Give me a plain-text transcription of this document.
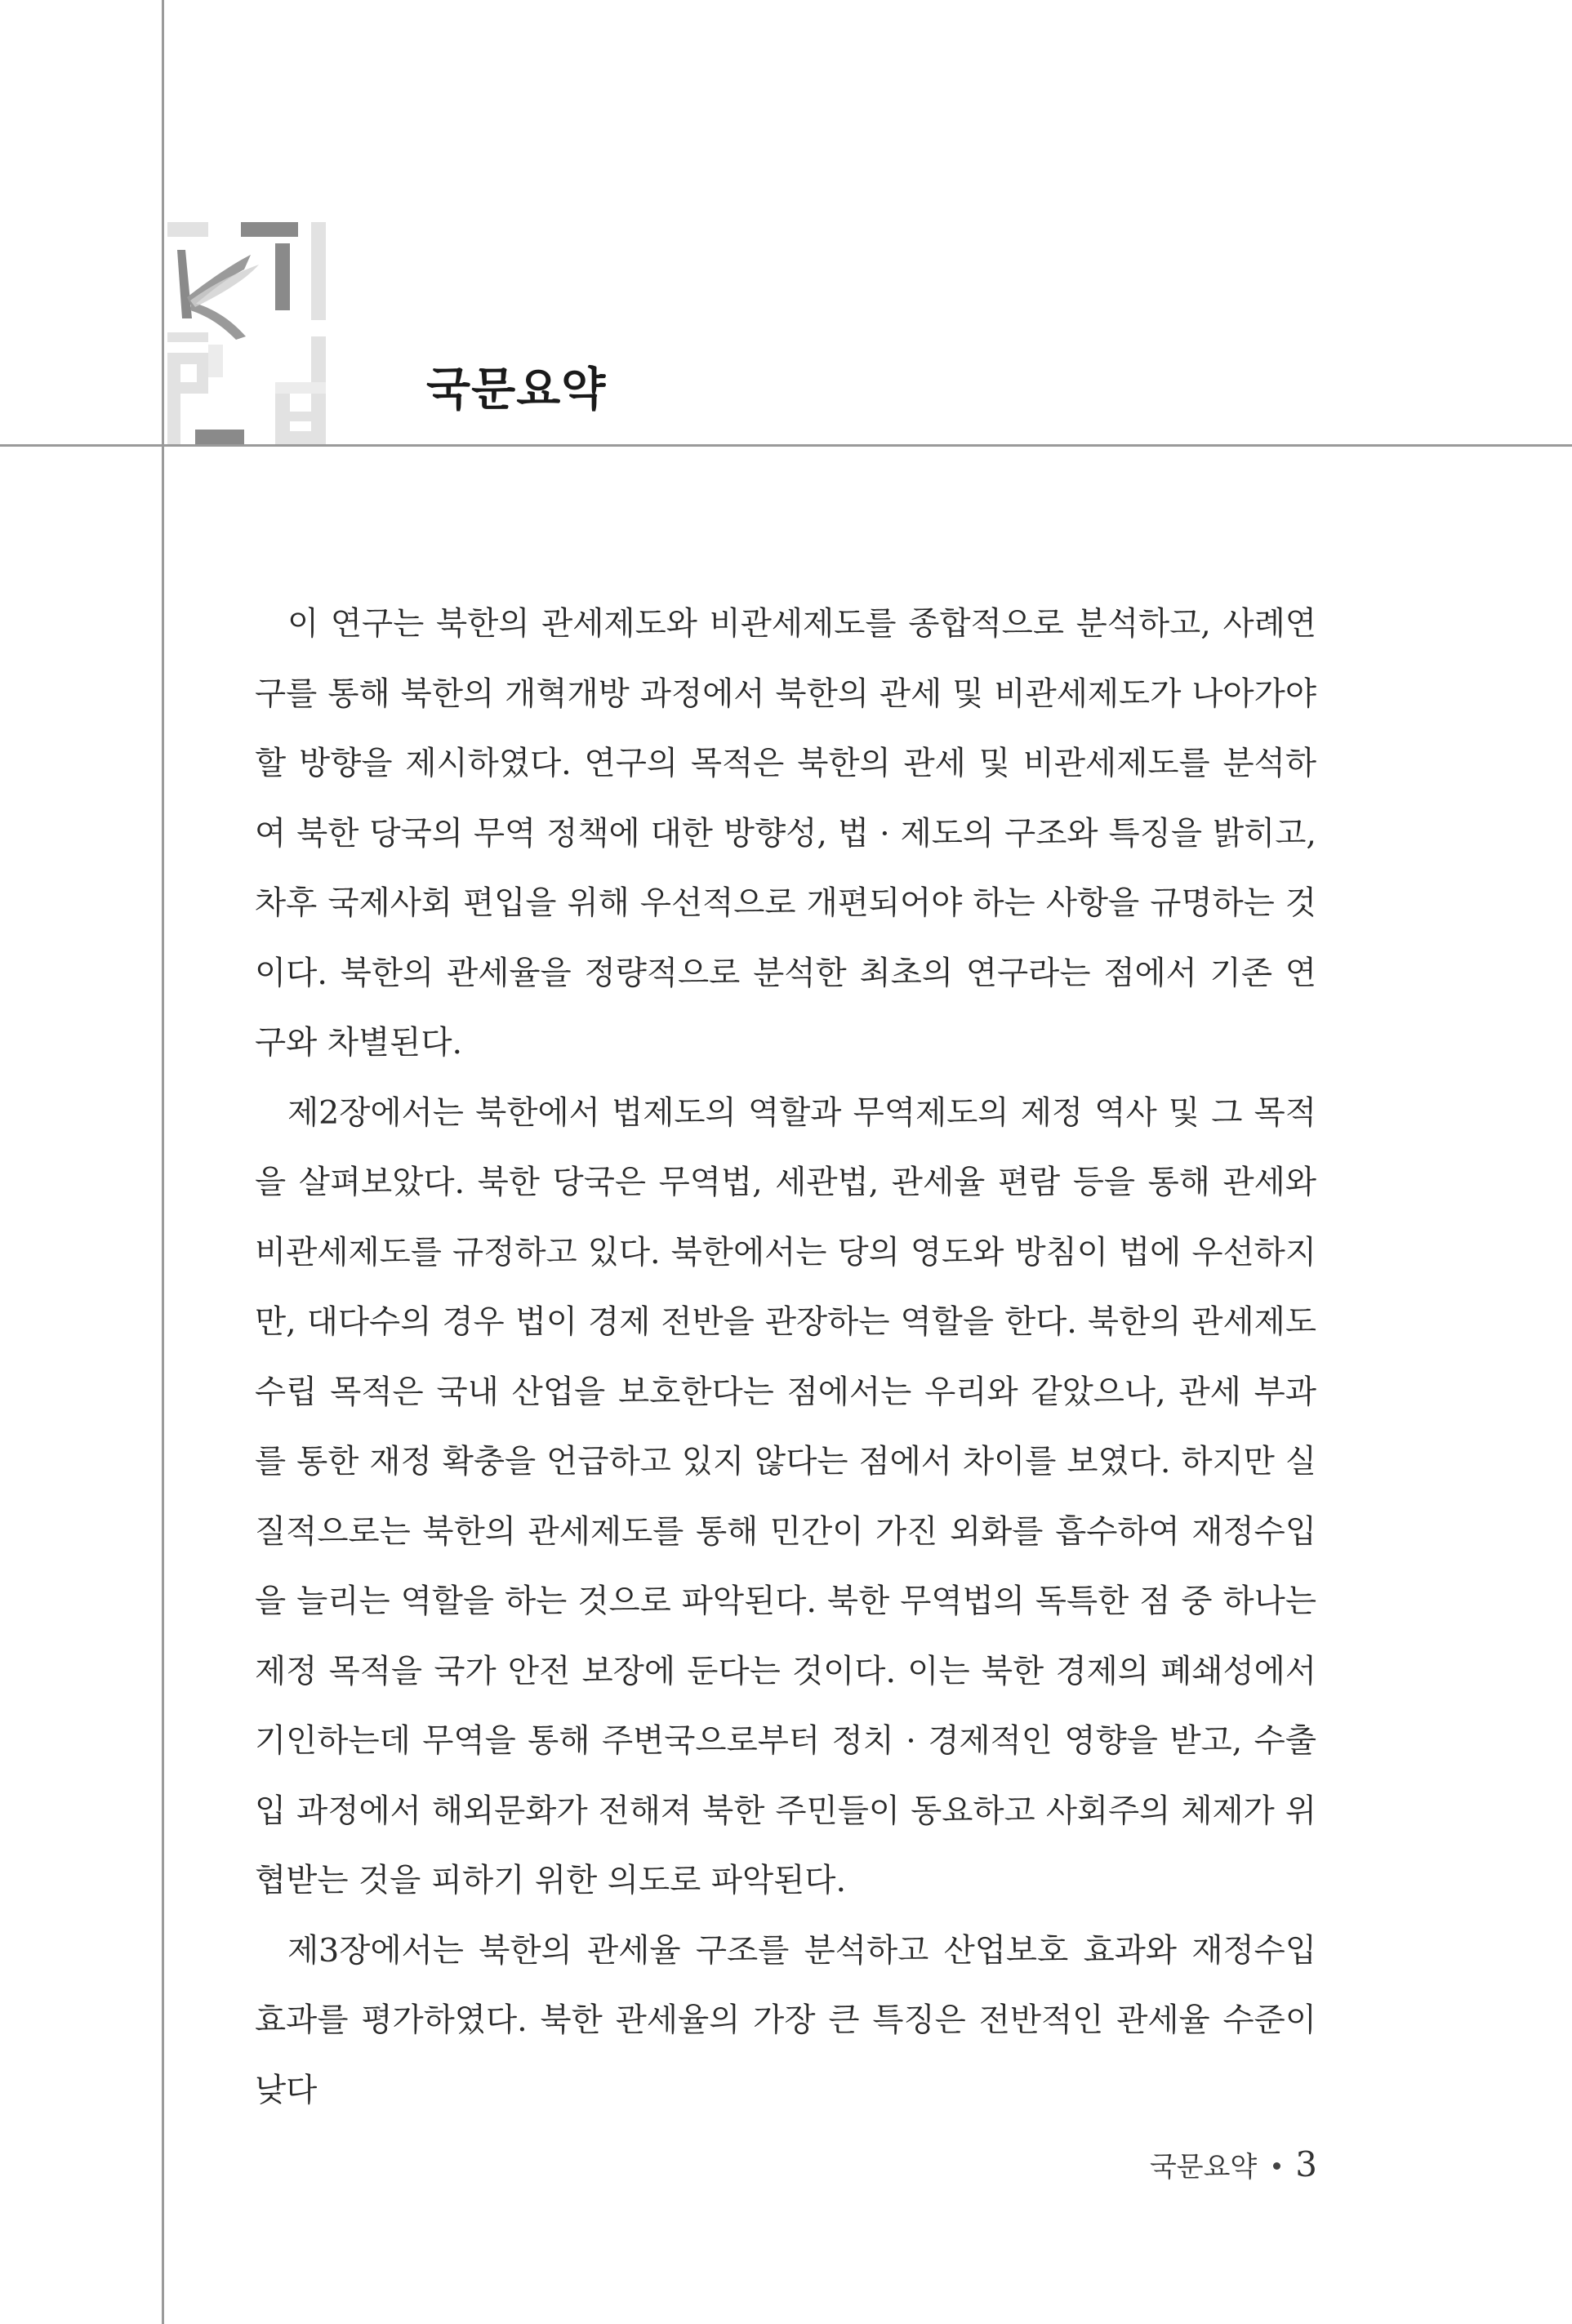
국문요약

이 연구는 북한의 관세제도와 비관세제도를 종합적으로 분석하고, 사례연구를 통해 북한의 개혁개방 과정에서 북한의 관세 및 비관세제도가 나아가야 할 방향을 제시하였다. 연구의 목적은 북한의 관세 및 비관세제도를 분석하여 북한 당국의 무역 정책에 대한 방향성, 법 · 제도의 구조와 특징을 밝히고, 차후 국제사회 편입을 위해 우선적으로 개편되어야 하는 사항을 규명하는 것이다. 북한의 관세율을 정량적으로 분석한 최초의 연구라는 점에서 기존 연구와 차별된다.

제2장에서는 북한에서 법제도의 역할과 무역제도의 제정 역사 및 그 목적을 살펴보았다. 북한 당국은 무역법, 세관법, 관세율 편람 등을 통해 관세와 비관세제도를 규정하고 있다. 북한에서는 당의 영도와 방침이 법에 우선하지만, 대다수의 경우 법이 경제 전반을 관장하는 역할을 한다. 북한의 관세제도 수립 목적은 국내 산업을 보호한다는 점에서는 우리와 같았으나, 관세 부과를 통한 재정 확충을 언급하고 있지 않다는 점에서 차이를 보였다. 하지만 실질적으로는 북한의 관세제도를 통해 민간이 가진 외화를 흡수하여 재정수입을 늘리는 역할을 하는 것으로 파악된다. 북한 무역법의 독특한 점 중 하나는 제정 목적을 국가 안전 보장에 둔다는 것이다. 이는 북한 경제의 폐쇄성에서 기인하는데 무역을 통해 주변국으로부터 정치 · 경제적인 영향을 받고, 수출입 과정에서 해외문화가 전해져 북한 주민들이 동요하고 사회주의 체제가 위협받는 것을 피하기 위한 의도로 파악된다.

제3장에서는 북한의 관세율 구조를 분석하고 산업보호 효과와 재정수입 효과를 평가하였다. 북한 관세율의 가장 큰 특징은 전반적인 관세율 수준이 낮다

국문요약 3
